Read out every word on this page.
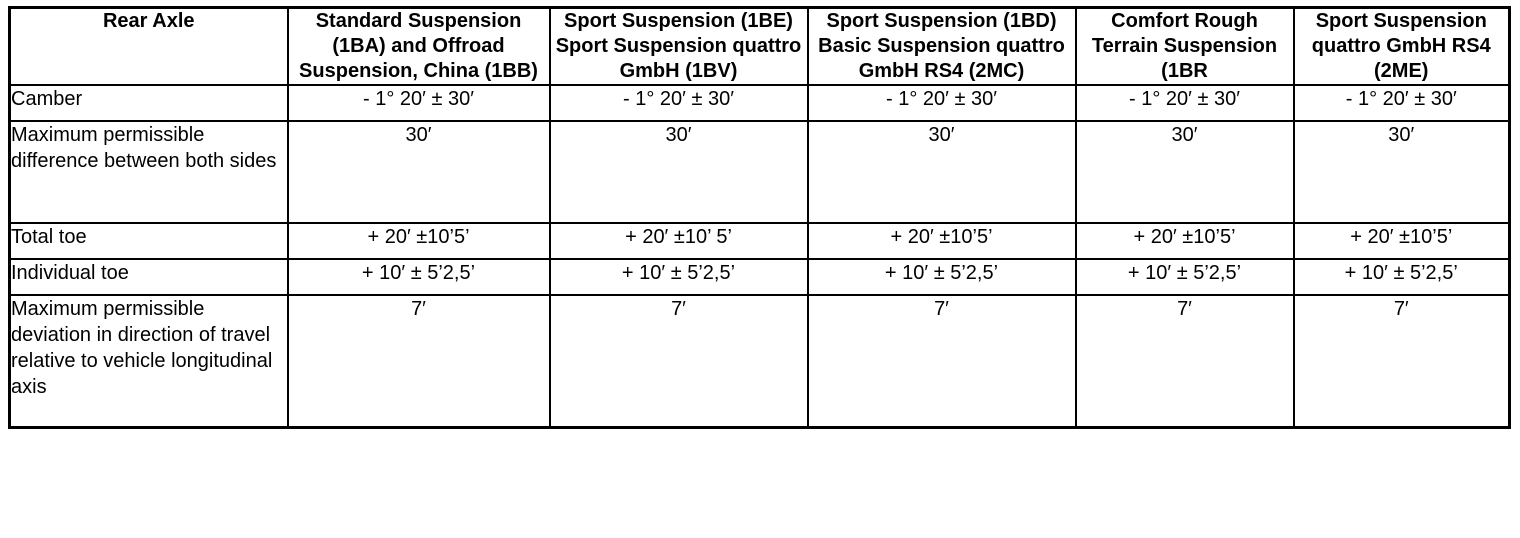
Rear Axle	Standard Suspension (1BA) and Offroad Suspension, China (1BB)	Sport Suspension (1BE) Sport Suspension quattro GmbH (1BV)	Sport Suspension (1BD) Basic Suspension quattro GmbH RS4 (2MC)	Comfort Rough Terrain Suspension (1BR	Sport Suspension quattro GmbH RS4 (2ME)
Camber	- 1° 20′ ± 30′	- 1° 20′ ± 30′	- 1° 20′ ± 30′	- 1° 20′ ± 30′	- 1° 20′ ± 30′
Maximum permissible difference between both sides	30′	30′	30′	30′	30′
Total toe	+ 20′ ±10’5’	+ 20′ ±10’ 5’	+ 20′ ±10’5’	+ 20′ ±10’5’	+ 20′ ±10’5’
Individual toe	+ 10′ ± 5’2,5’	+ 10′ ± 5’2,5’	+ 10′ ± 5’2,5’	+ 10′ ± 5’2,5’	+ 10′ ± 5’2,5’
Maximum permissible deviation in direction of travel relative to vehicle longitudinal axis	7′	7′	7′	7′	7′
